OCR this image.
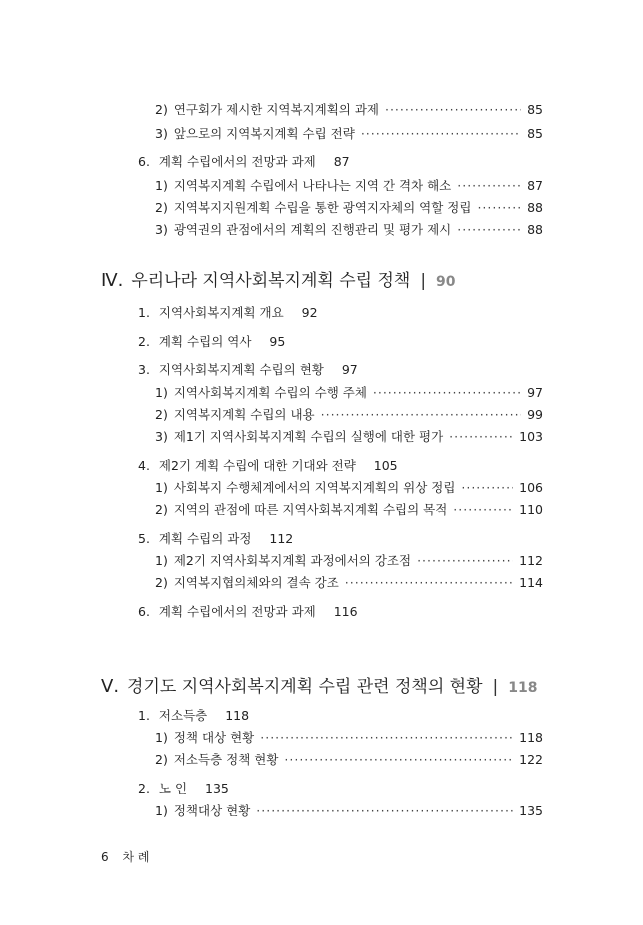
2) 연구회가 제시한 지역복지계획의 과제 ·····	85
3) 앞으로의 지역복지계획 수립 전략 ·····	85
6. 계획 수립에서의 전망과 과제 87
1) 지역복지계획 수립에서 나타나는 지역 간 격차 해소 ·····	87
2) 지역복지지원계획 수립을 통한 광역지자체의 역할 정립 ·····	88
3) 광역권의 관점에서의 계획의 진행관리 및 평가 제시 ·····	88
Ⅳ. 우리나라 지역사회복지계획 수립 정책 | 90
1. 지역사회복지계획 개요 92
2. 계획 수립의 역사 95
3. 지역사회복지계획 수립의 현황 97
1) 지역사회복지계획 수립의 수행 주체 ·····	97
2) 지역복지계획 수립의 내용 ·····	99
3) 제1기 지역사회복지계획 수립의 실행에 대한 평가 ·····	103
4. 제2기 계획 수립에 대한 기대와 전략 105
1) 사회복지 수행체계에서의 지역복지계획의 위상 정립 ·····	106
2) 지역의 관점에 따른 지역사회복지계획 수립의 목적 ·····	110
5. 계획 수립의 과정 112
1) 제2기 지역사회복지계획 과정에서의 강조점 ·····	112
2) 지역복지협의체와의 결속 강조 ·····	114
6. 계획 수립에서의 전망과 과제 116
Ⅴ. 경기도 지역사회복지계획 수립 관련 정책의 현황 | 118
1. 저소득층 118
1) 정책 대상 현황 ·····	118
2) 저소득층 정책 현황 ·····	122
2. 노 인 135
1) 정책대상 현황 ·····	135
6 차 례
